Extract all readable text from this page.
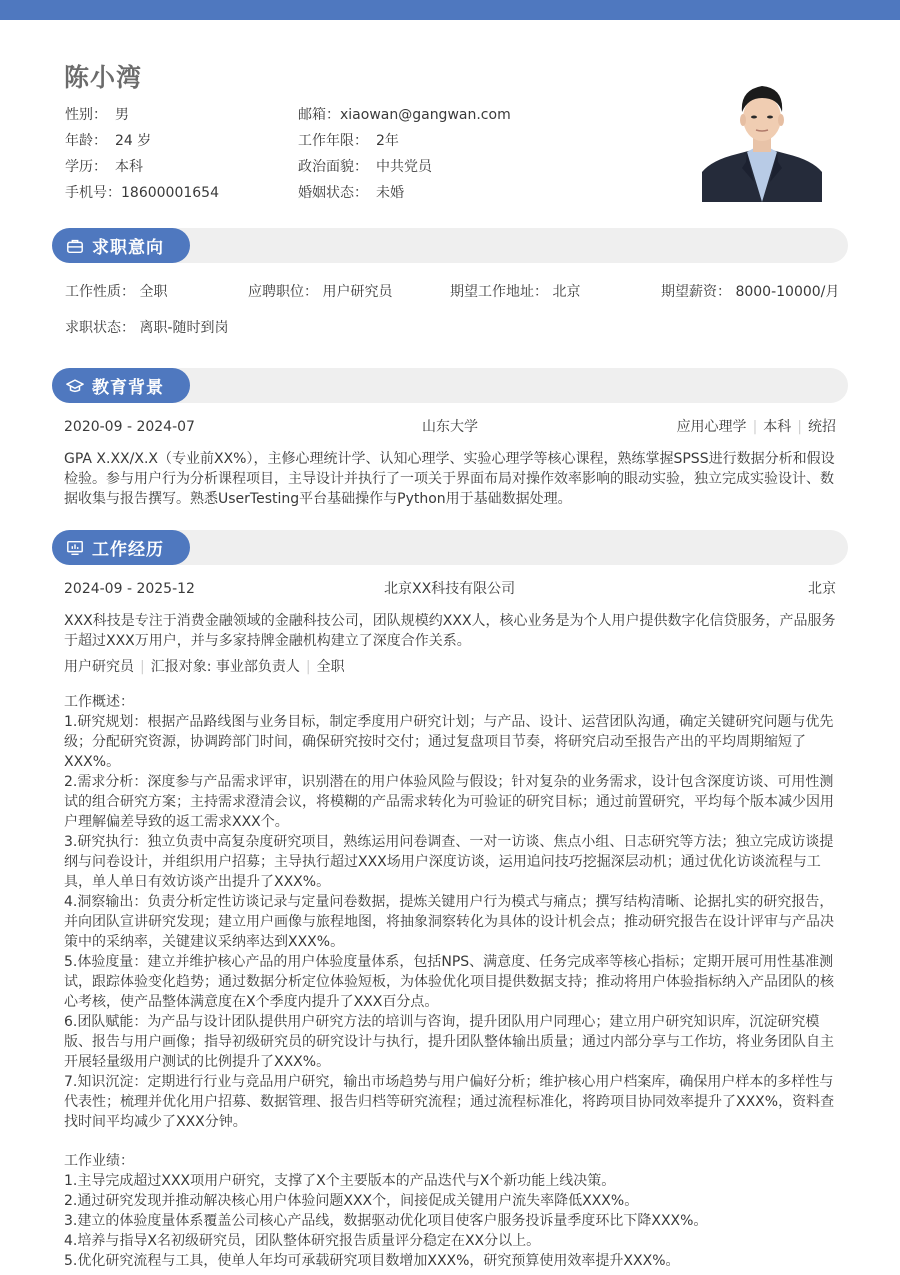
陈小湾
性别： 男
年龄： 24 岁
学历： 本科
手机号：18600001654
邮箱：xiaowan@gangwan.com
工作年限： 2年
政治面貌： 中共党员
婚姻状态： 未婚
求职意向
工作性质： 全职	应聘职位： 用户研究员	期望工作地址： 北京	期望薪资： 8000-10000/月
求职状态： 离职-随时到岗
教育背景
2020-09 - 2024-07	山东大学	应用心理学 | 本科 | 统招
GPA X.XX/X.X（专业前XX%），主修心理统计学、认知心理学、实验心理学等核心课程，熟练掌握SPSS进行数据分析和假设检验。参与用户行为分析课程项目，主导设计并执行了一项关于界面布局对操作效率影响的眼动实验，独立完成实验设计、数据收集与报告撰写。熟悉UserTesting平台基础操作与Python用于基础数据处理。
工作经历
2024-09 - 2025-12	北京XX科技有限公司	北京
XXX科技是专注于消费金融领域的金融科技公司，团队规模约XXX人，核心业务是为个人用户提供数字化信贷服务，产品服务于超过XXX万用户，并与多家持牌金融机构建立了深度合作关系。
用户研究员 | 汇报对象: 事业部负责人 | 全职
工作概述：
1.研究规划：根据产品路线图与业务目标，制定季度用户研究计划；与产品、设计、运营团队沟通，确定关键研究问题与优先级；分配研究资源，协调跨部门时间，确保研究按时交付；通过复盘项目节奏，将研究启动至报告产出的平均周期缩短了XXX%。
2.需求分析：深度参与产品需求评审，识别潜在的用户体验风险与假设；针对复杂的业务需求，设计包含深度访谈、可用性测试的组合研究方案；主持需求澄清会议，将模糊的产品需求转化为可验证的研究目标；通过前置研究，平均每个版本减少因用户理解偏差导致的返工需求XXX个。
3.研究执行：独立负责中高复杂度研究项目，熟练运用问卷调查、一对一访谈、焦点小组、日志研究等方法；独立完成访谈提纲与问卷设计，并组织用户招募；主导执行超过XXX场用户深度访谈，运用追问技巧挖掘深层动机；通过优化访谈流程与工具，单人单日有效访谈产出提升了XXX%。
4.洞察输出：负责分析定性访谈记录与定量问卷数据，提炼关键用户行为模式与痛点；撰写结构清晰、论据扎实的研究报告，并向团队宣讲研究发现；建立用户画像与旅程地图，将抽象洞察转化为具体的设计机会点；推动研究报告在设计评审与产品决策中的采纳率，关键建议采纳率达到XXX%。
5.体验度量：建立并维护核心产品的用户体验度量体系，包括NPS、满意度、任务完成率等核心指标；定期开展可用性基准测试，跟踪体验变化趋势；通过数据分析定位体验短板，为体验优化项目提供数据支持；推动将用户体验指标纳入产品团队的核心考核，使产品整体满意度在X个季度内提升了XXX百分点。
6.团队赋能：为产品与设计团队提供用户研究方法的培训与咨询，提升团队用户同理心；建立用户研究知识库，沉淀研究模版、报告与用户画像；指导初级研究员的研究设计与执行，提升团队整体输出质量；通过内部分享与工作坊，将业务团队自主开展轻量级用户测试的比例提升了XXX%。
7.知识沉淀：定期进行行业与竞品用户研究，输出市场趋势与用户偏好分析；维护核心用户档案库，确保用户样本的多样性与代表性；梳理并优化用户招募、数据管理、报告归档等研究流程；通过流程标准化，将跨项目协同效率提升了XXX%，资料查找时间平均减少了XXX分钟。
工作业绩：
1.主导完成超过XXX项用户研究，支撑了X个主要版本的产品迭代与X个新功能上线决策。
2.通过研究发现并推动解决核心用户体验问题XXX个，间接促成关键用户流失率降低XXX%。
3.建立的体验度量体系覆盖公司核心产品线，数据驱动优化项目使客户服务投诉量季度环比下降XXX%。
4.培养与指导X名初级研究员，团队整体研究报告质量评分稳定在XX分以上。
5.优化研究流程与工具，使单人年均可承载研究项目数增加XXX%，研究预算使用效率提升XXX%。
